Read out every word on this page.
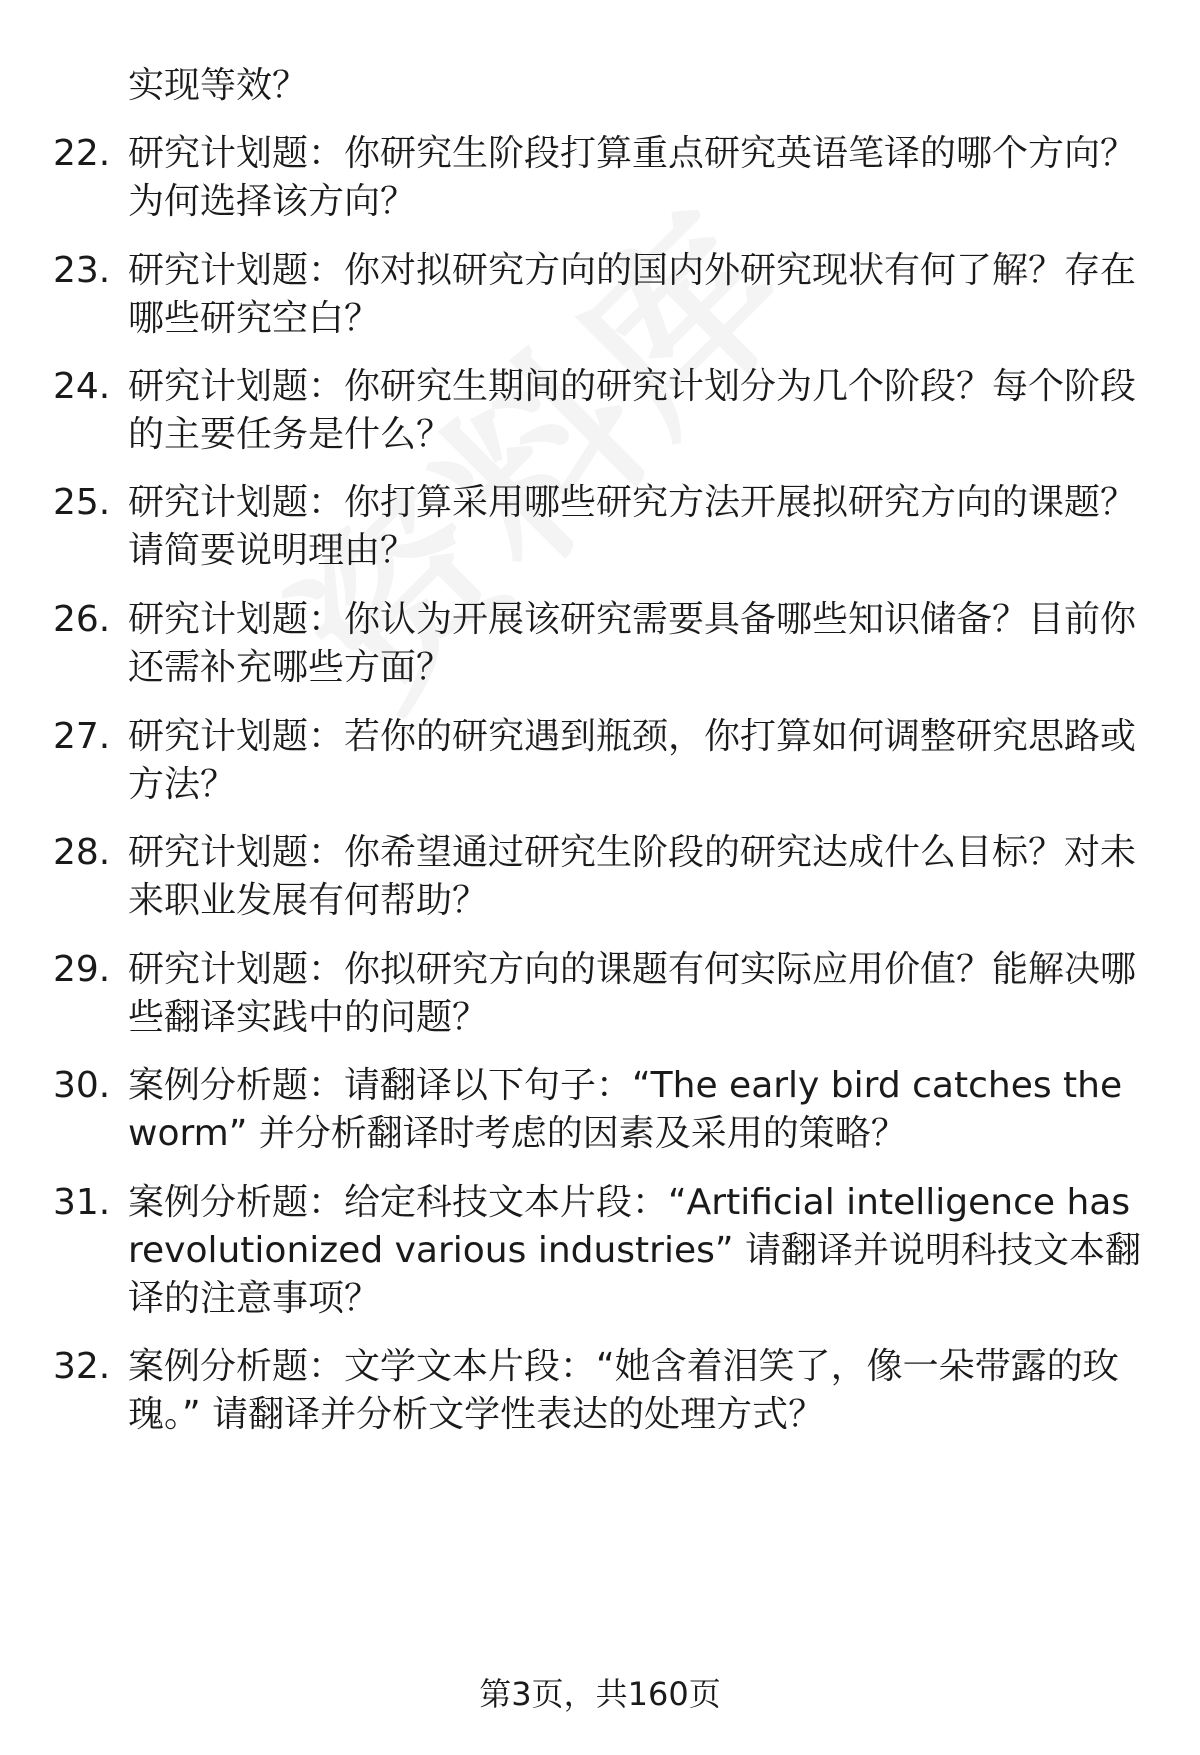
实现等效？
22. 研究计划题：你研究生阶段打算重点研究英语笔译的哪个方向？
为何选择该方向？
23. 研究计划题：你对拟研究方向的国内外研究现状有何了解？存在
哪些研究空白？
24. 研究计划题：你研究生期间的研究计划分为几个阶段？每个阶段
的主要任务是什么？
25. 研究计划题：你打算采用哪些研究方法开展拟研究方向的课题？
请简要说明理由？
26. 研究计划题：你认为开展该研究需要具备哪些知识储备？目前你
还需补充哪些方面？
27. 研究计划题：若你的研究遇到瓶颈，你打算如何调整研究思路或
方法？
28. 研究计划题：你希望通过研究生阶段的研究达成什么目标？对未
来职业发展有何帮助？
29. 研究计划题：你拟研究方向的课题有何实际应用价值？能解决哪
些翻译实践中的问题？
30. 案例分析题：请翻译以下句子：“The early bird catches the
worm” 并分析翻译时考虑的因素及采用的策略？
31. 案例分析题：给定科技文本片段：“Artificial intelligence has
revolutionized various industries” 请翻译并说明科技文本翻
译的注意事项？
32. 案例分析题：文学文本片段：“她含着泪笑了，像一朵带露的玫
瑰。” 请翻译并分析文学性表达的处理方式？
第3页，共160页
